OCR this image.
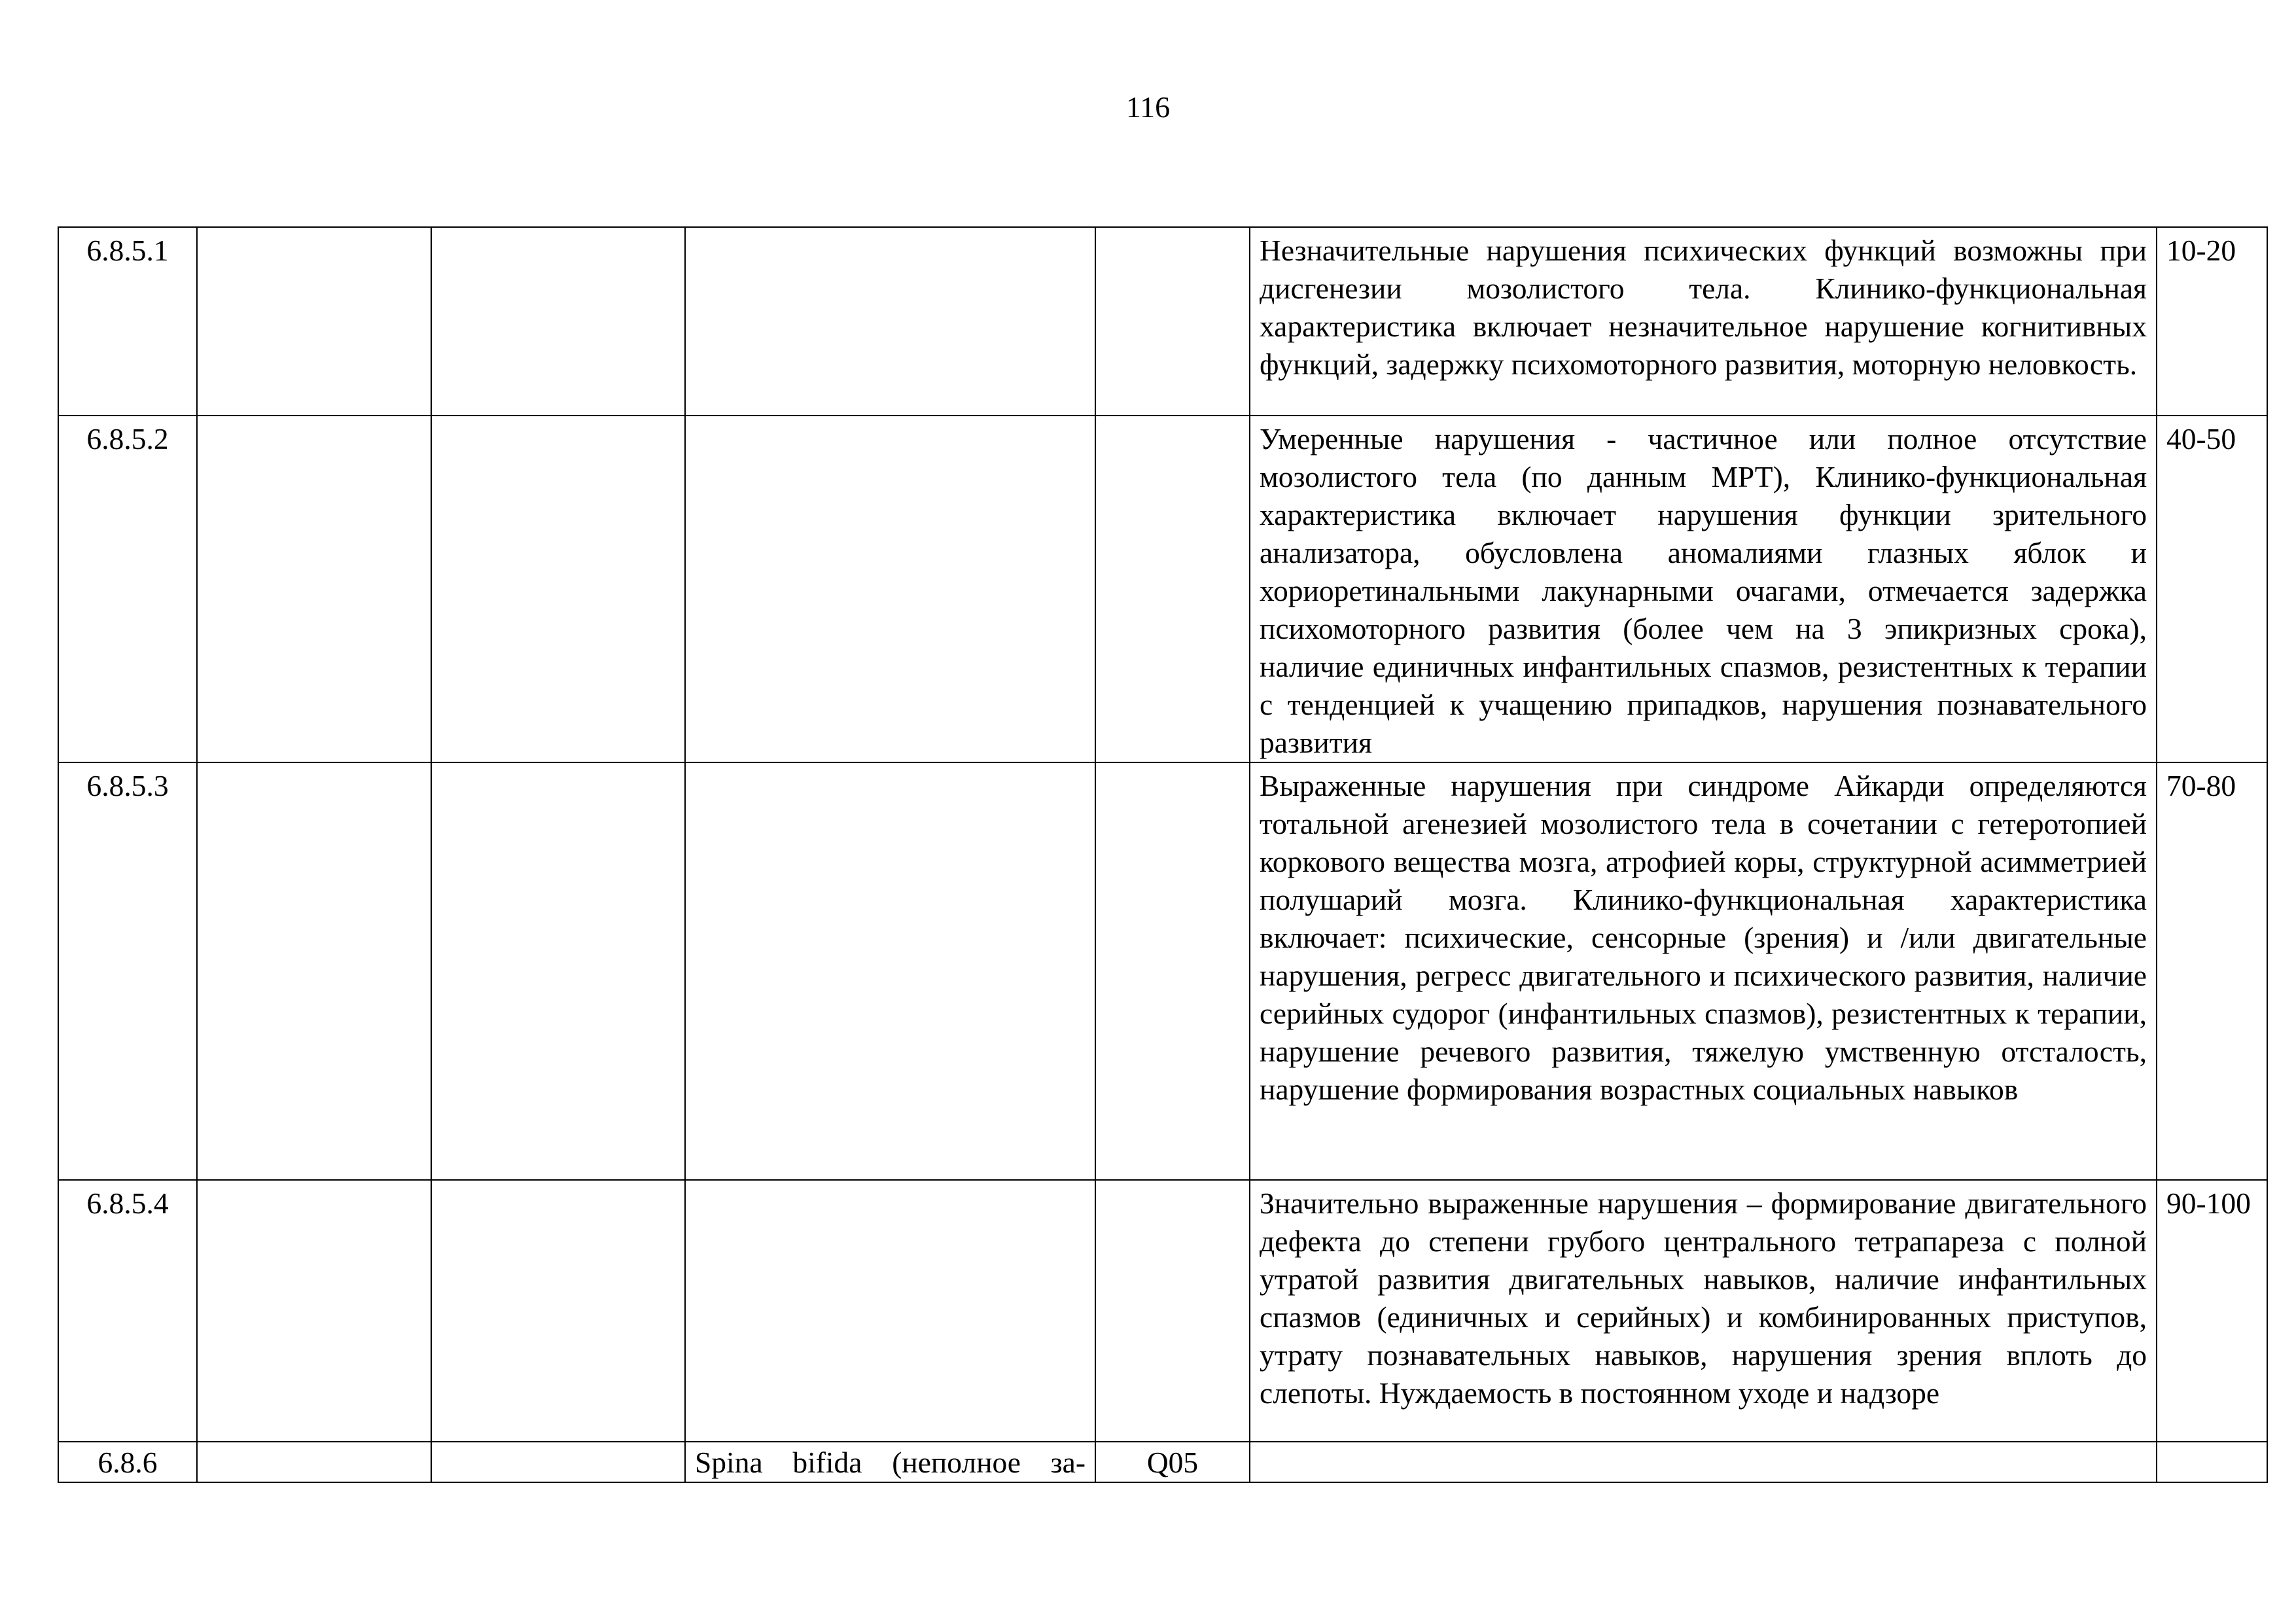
116
6.8.5.1					Незначительные нарушения психических функций возможны при дисгенезии мозолистого тела. Клинико-функциональная характеристика включает незначительное нарушение когнитивных функций, задержку психомоторного развития, моторную неловкость.	10-20
6.8.5.2					Умеренные нарушения - частичное или полное отсутствие мозолистого тела (по данным МРТ), Клинико-функциональная характеристика включает нарушения функции зрительного анализатора, обусловлена аномалиями глазных яблок и хориоретинальными лакунарными очагами, отмечается задержка психомоторного развития (более чем на 3 эпикризных срока), наличие единичных инфантильных спазмов, резистентных к терапии с тенденцией к учащению припадков, нарушения познавательного развития	40-50
6.8.5.3					Выраженные нарушения при синдроме Айкарди определяются тотальной агенезией мозолистого тела в сочетании с гетеротопией коркового вещества мозга, атрофией коры, структурной асимметрией полушарий мозга. Клинико-функциональная характеристика включает: психические, сенсорные (зрения) и /или двигательные нарушения, регресс двигательного и психического развития, наличие серийных судорог (инфантильных спазмов), резистентных к терапии, нарушение речевого развития, тяжелую умственную отсталость, нарушение формирования возрастных социальных навыков	70-80
6.8.5.4					Значительно выраженные нарушения – формирование двигательного дефекта до степени грубого центрального тетрапареза с полной утратой развития двигательных навыков, наличие инфантильных спазмов (единичных и серийных) и комбинированных приступов, утрату познавательных навыков, нарушения зрения вплоть до слепоты. Нуждаемость в постоянном уходе и надзоре	90-100
6.8.6			Spina bifida (неполное за-	Q05		
